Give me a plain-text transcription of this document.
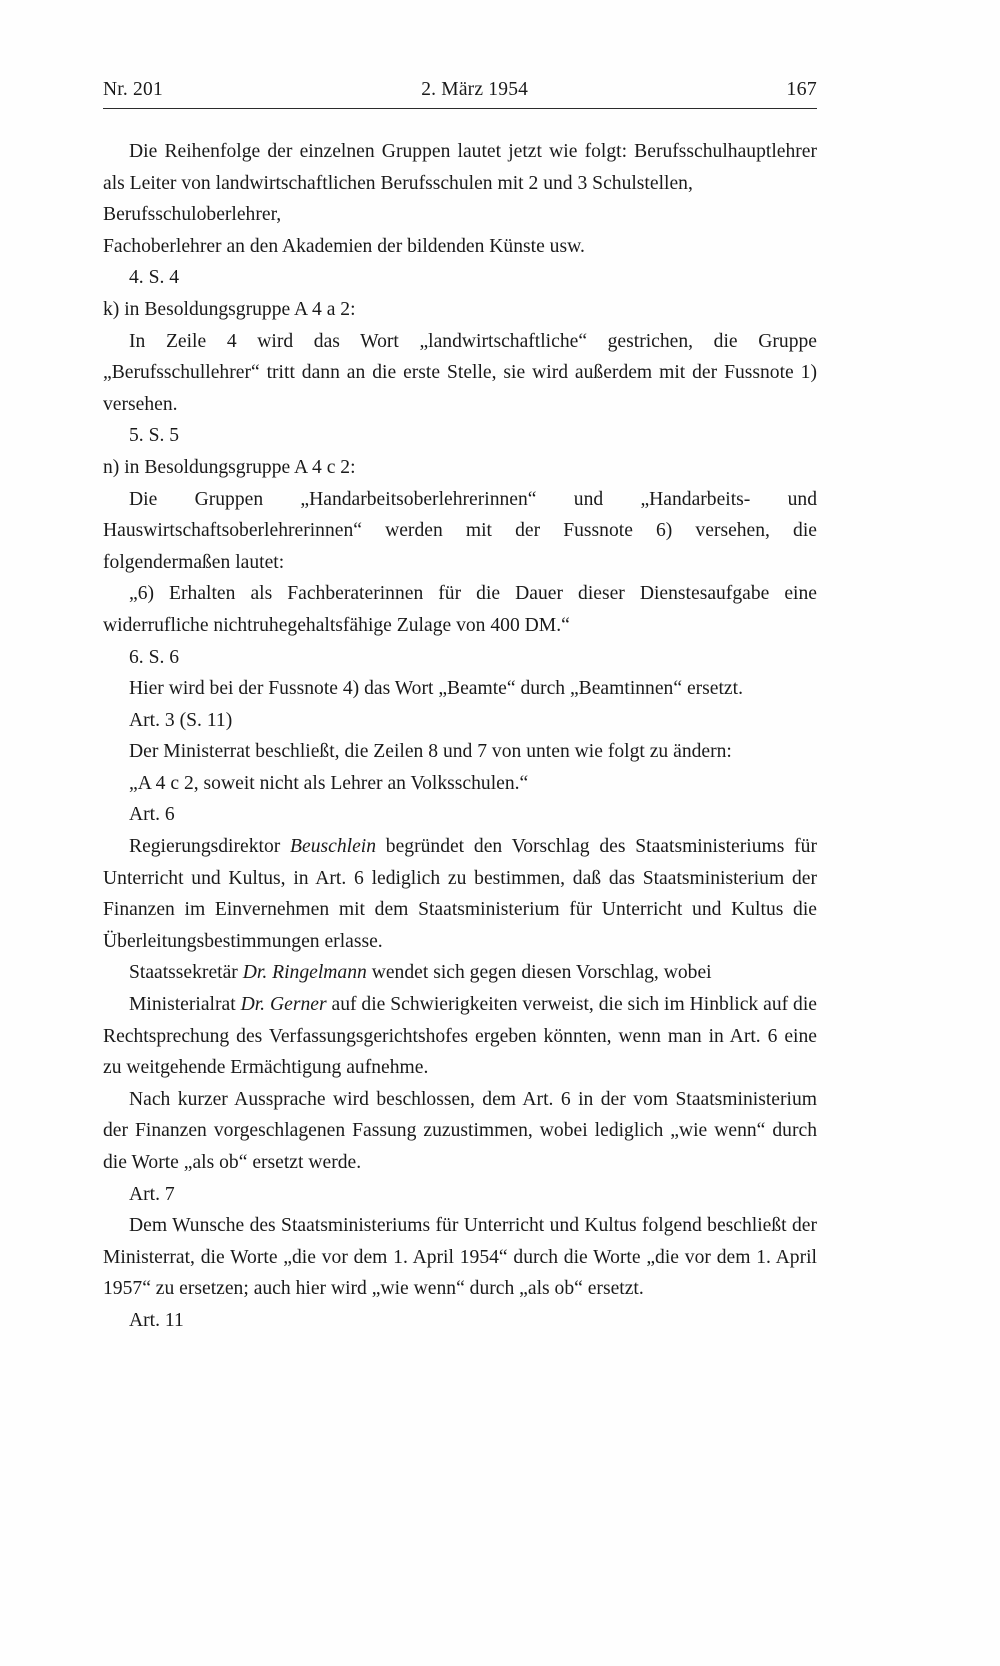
Nr. 201	2. März 1954	167

Die Reihenfolge der einzelnen Gruppen lautet jetzt wie folgt: Berufsschulhauptlehrer als Leiter von landwirtschaftlichen Berufsschulen mit 2 und 3 Schulstellen,

Berufsschuloberlehrer,

Fachoberlehrer an den Akademien der bildenden Künste usw.

4. S. 4

k) in Besoldungsgruppe A 4 a 2:

In Zeile 4 wird das Wort „landwirtschaftliche“ gestrichen, die Gruppe „Berufsschullehrer“ tritt dann an die erste Stelle, sie wird außerdem mit der Fussnote 1) versehen.

5. S. 5

n) in Besoldungsgruppe A 4 c 2:

Die Gruppen „Handarbeitsoberlehrerinnen“ und „Handarbeits- und Hauswirtschaftsoberlehrerinnen“ werden mit der Fussnote 6) versehen, die folgendermaßen lautet:

„6) Erhalten als Fachberaterinnen für die Dauer dieser Dienstesaufgabe eine widerrufliche nichtruhegehaltsfähige Zulage von 400 DM.“

6. S. 6

Hier wird bei der Fussnote 4) das Wort „Beamte“ durch „Beamtinnen“ ersetzt.

Art. 3 (S. 11)

Der Ministerrat beschließt, die Zeilen 8 und 7 von unten wie folgt zu ändern:

„A 4 c 2, soweit nicht als Lehrer an Volksschulen.“

Art. 6

Regierungsdirektor Beuschlein begründet den Vorschlag des Staatsministeriums für Unterricht und Kultus, in Art. 6 lediglich zu bestimmen, daß das Staatsministerium der Finanzen im Einvernehmen mit dem Staatsministerium für Unterricht und Kultus die Überleitungsbestimmungen erlasse.

Staatssekretär Dr. Ringelmann wendet sich gegen diesen Vorschlag, wobei

Ministerialrat Dr. Gerner auf die Schwierigkeiten verweist, die sich im Hinblick auf die Rechtsprechung des Verfassungsgerichtshofes ergeben könnten, wenn man in Art. 6 eine zu weitgehende Ermächtigung aufnehme.

Nach kurzer Aussprache wird beschlossen, dem Art. 6 in der vom Staatsministerium der Finanzen vorgeschlagenen Fassung zuzustimmen, wobei lediglich „wie wenn“ durch die Worte „als ob“ ersetzt werde.

Art. 7

Dem Wunsche des Staatsministeriums für Unterricht und Kultus folgend beschließt der Ministerrat, die Worte „die vor dem 1. April 1954“ durch die Worte „die vor dem 1. April 1957“ zu ersetzen; auch hier wird „wie wenn“ durch „als ob“ ersetzt.

Art. 11
